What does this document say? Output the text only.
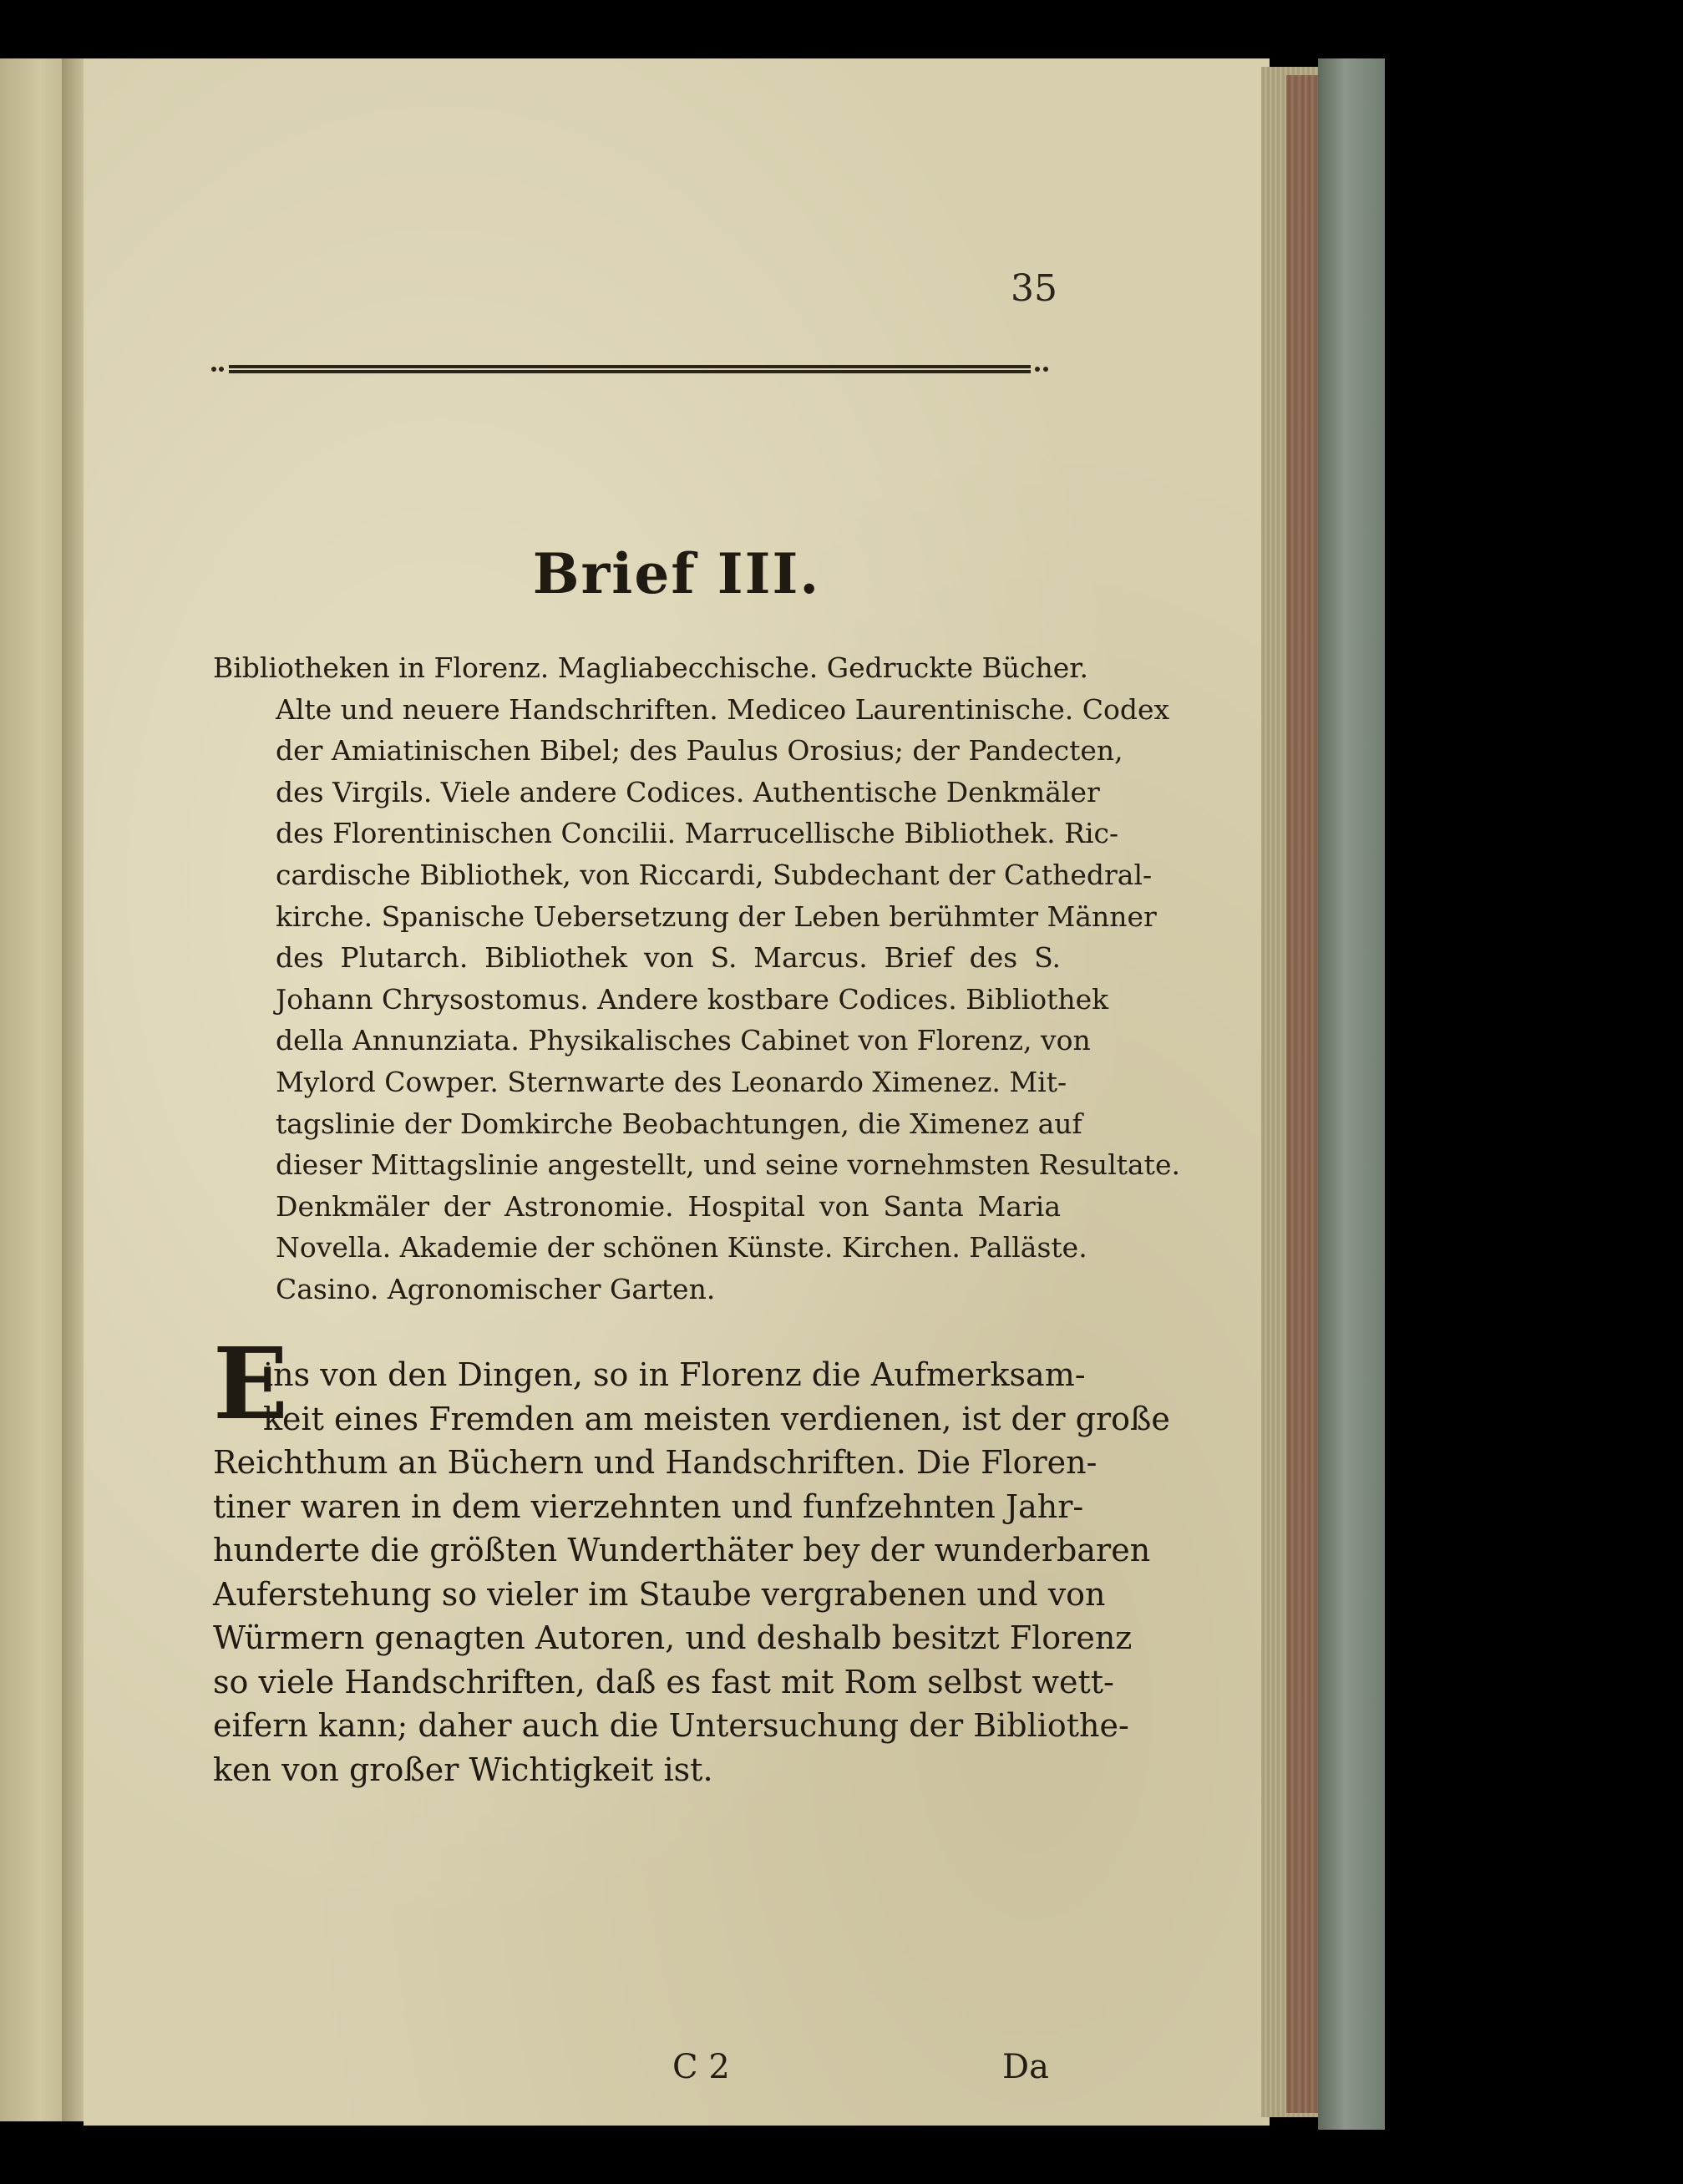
35
Brief III.
Bibliotheken in Florenz. Magliabecchische. Gedruckte Bücher.
Alte und neuere Handschriften. Mediceo Laurentinische. Codex
der Amiatinischen Bibel; des Paulus Orosius; der Pandecten,
des Virgils. Viele andere Codices. Authentische Denkmäler
des Florentinischen Concilii. Marrucellische Bibliothek. Ric-
cardische Bibliothek, von Riccardi, Subdechant der Cathedral-
kirche. Spanische Uebersetzung der Leben berühmter Männer
des Plutarch. Bibliothek von S. Marcus. Brief des S.
Johann Chrysostomus. Andere kostbare Codices. Bibliothek
della Annunziata. Physikalisches Cabinet von Florenz, von
Mylord Cowper. Sternwarte des Leonardo Ximenez. Mit-
tagslinie der Domkirche Beobachtungen, die Ximenez auf
dieser Mittagslinie angestellt, und seine vornehmsten Resultate.
Denkmäler der Astronomie. Hospital von Santa Maria
Novella. Akademie der schönen Künste. Kirchen. Palläste.
Casino. Agronomischer Garten.
E
ins von den Dingen, so in Florenz die Aufmerksam-
keit eines Fremden am meisten verdienen, ist der große
Reichthum an Büchern und Handschriften. Die Floren-
tiner waren in dem vierzehnten und funfzehnten Jahr-
hunderte die größten Wunderthäter bey der wunderbaren
Auferstehung so vieler im Staube vergrabenen und von
Würmern genagten Autoren, und deshalb besitzt Florenz
so viele Handschriften, daß es fast mit Rom selbst wett-
eifern kann; daher auch die Untersuchung der Bibliothe-
ken von großer Wichtigkeit ist.
C 2	Da
